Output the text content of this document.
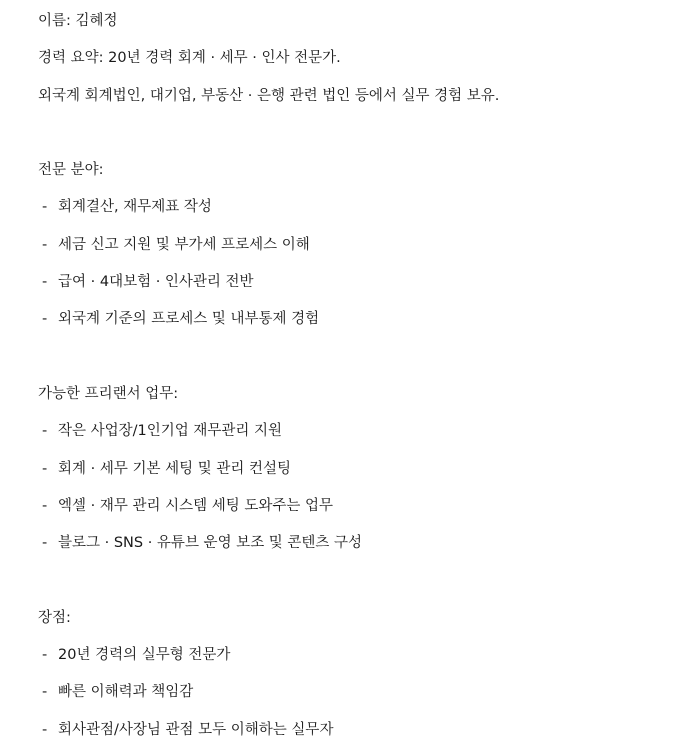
이름: 김혜정
경력 요약: 20년 경력 회계 · 세무 · 인사 전문가.
외국계 회계법인, 대기업, 부동산 · 은행 관련 법인 등에서 실무 경험 보유.
전문 분야:
- 회계결산, 재무제표 작성
- 세금 신고 지원 및 부가세 프로세스 이해
- 급여 · 4대보험 · 인사관리 전반
- 외국계 기준의 프로세스 및 내부통제 경험
가능한 프리랜서 업무:
- 작은 사업장/1인기업 재무관리 지원
- 회계 · 세무 기본 세팅 및 관리 컨설팅
- 엑셀 · 재무 관리 시스템 세팅 도와주는 업무
- 블로그 · SNS · 유튜브 운영 보조 및 콘텐츠 구성
장점:
- 20년 경력의 실무형 전문가
- 빠른 이해력과 책임감
- 회사관점/사장님 관점 모두 이해하는 실무자
